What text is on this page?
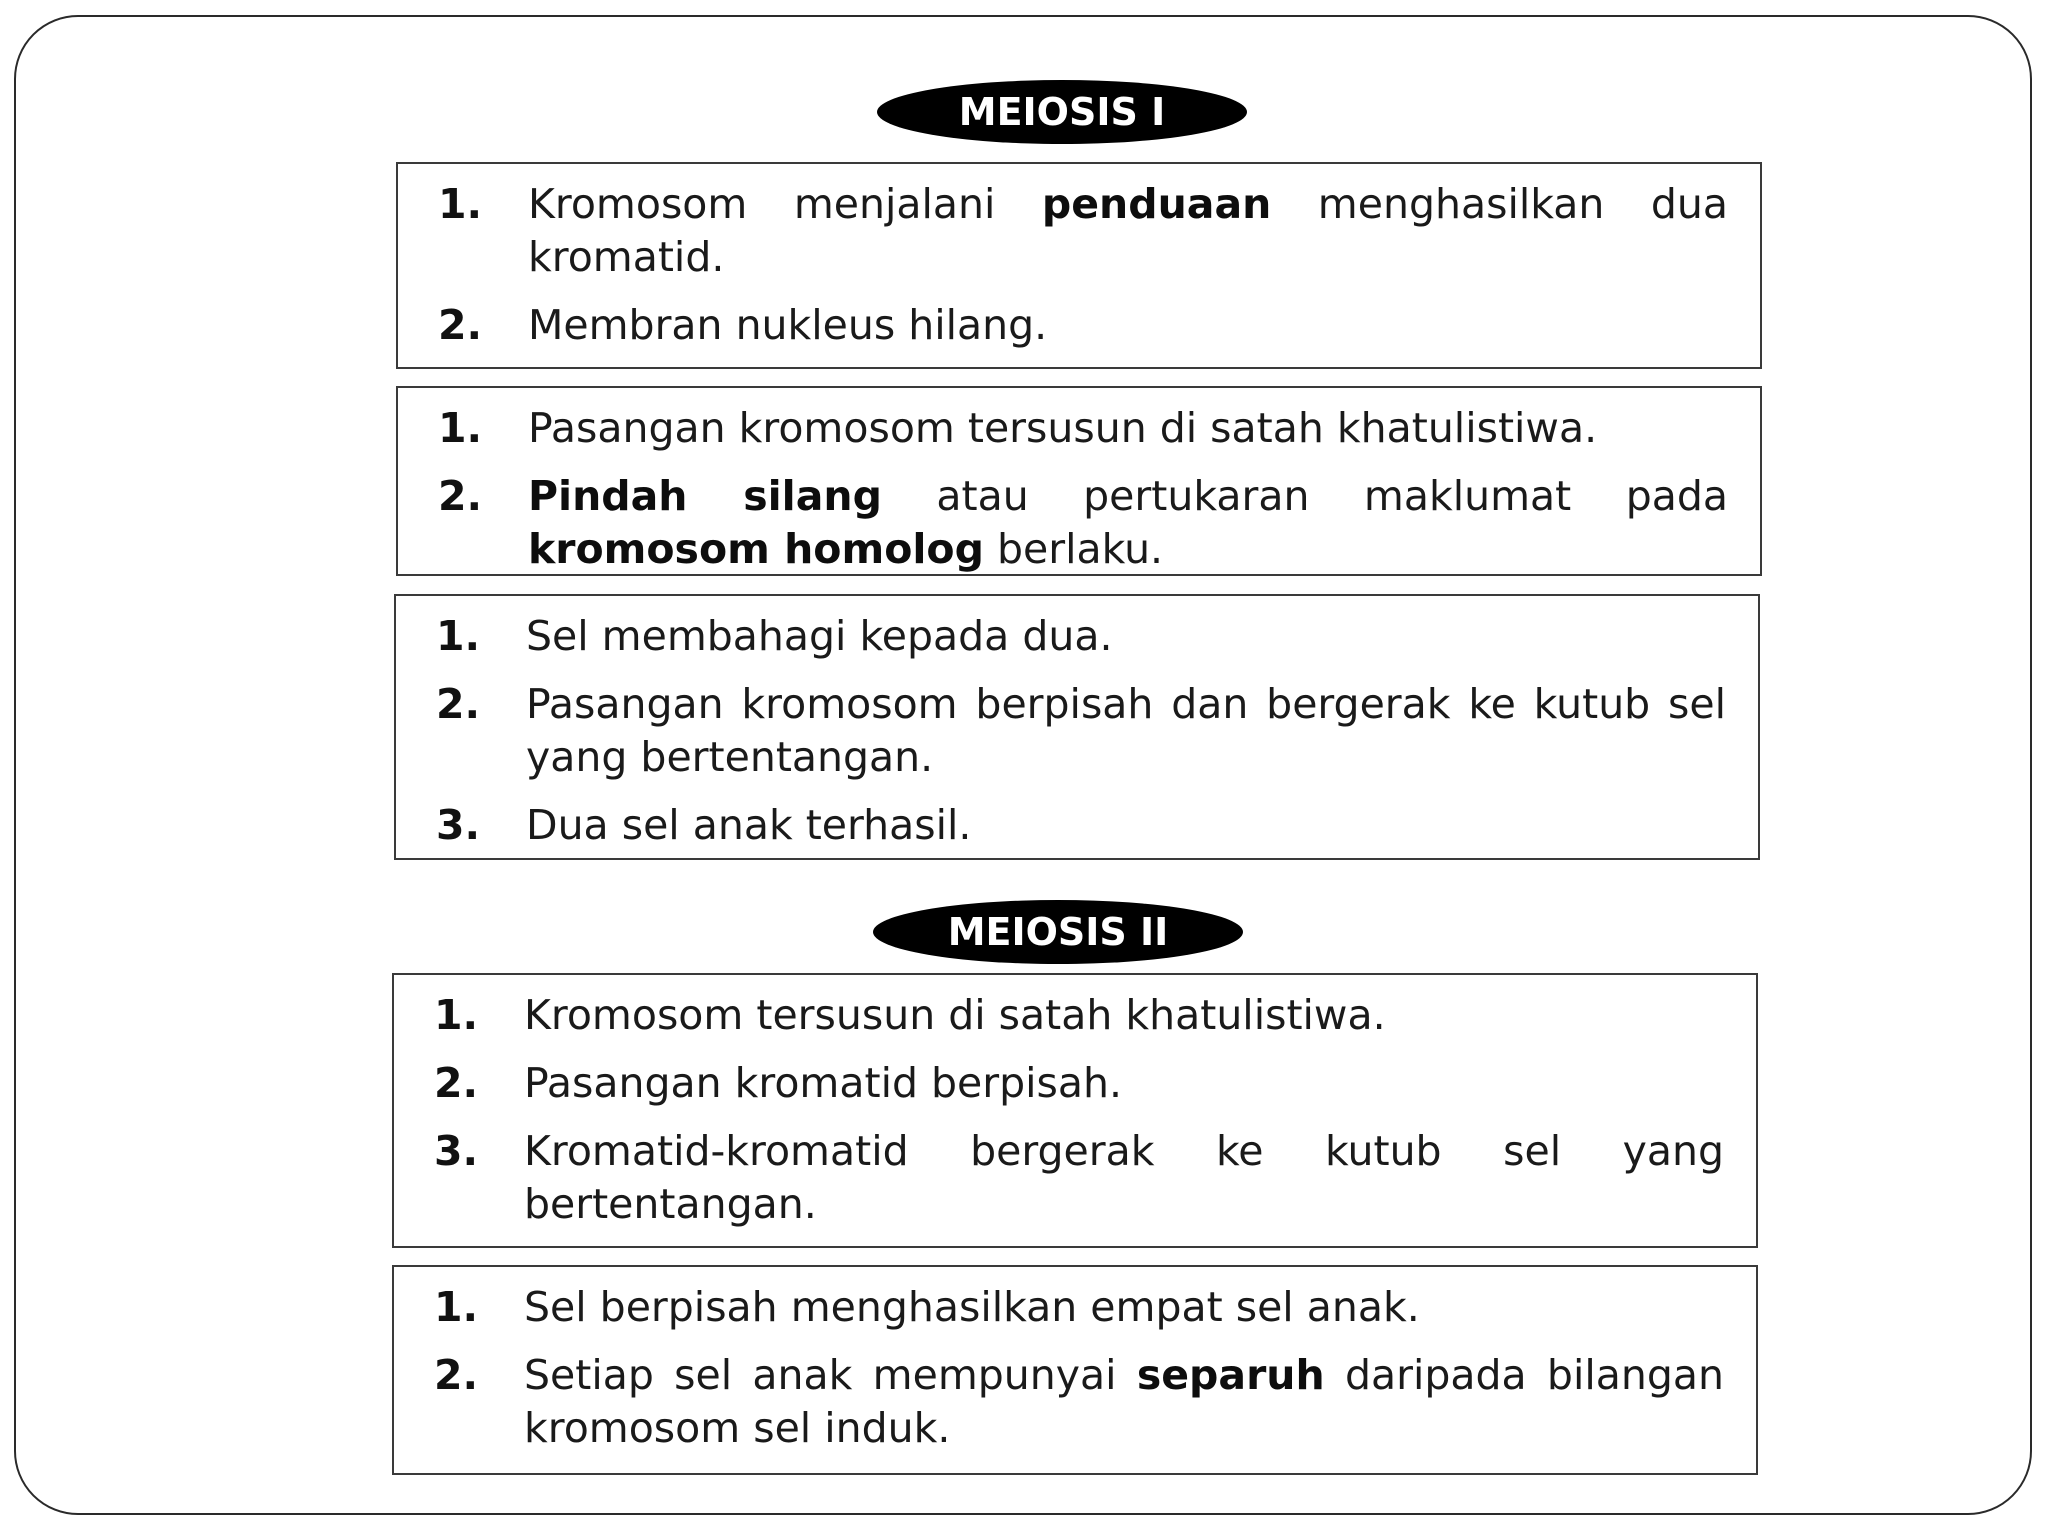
MEIOSIS I
1.	Kromosom menjalani penduaan menghasilkan dua kromatid.
2.	Membran nukleus hilang.
1.	Pasangan kromosom tersusun di satah khatulistiwa.
2.	Pindah silang atau pertukaran maklumat pada kromosom homolog berlaku.
1.	Sel membahagi kepada dua.
2.	Pasangan kromosom berpisah dan bergerak ke kutub sel yang bertentangan.
3.	Dua sel anak terhasil.
MEIOSIS II
1.	Kromosom tersusun di satah khatulistiwa.
2.	Pasangan kromatid berpisah.
3.	Kromatid-kromatid bergerak ke kutub sel yang bertentangan.
1.	Sel berpisah menghasilkan empat sel anak.
2.	Setiap sel anak mempunyai separuh daripada bilangan kromosom sel induk.
